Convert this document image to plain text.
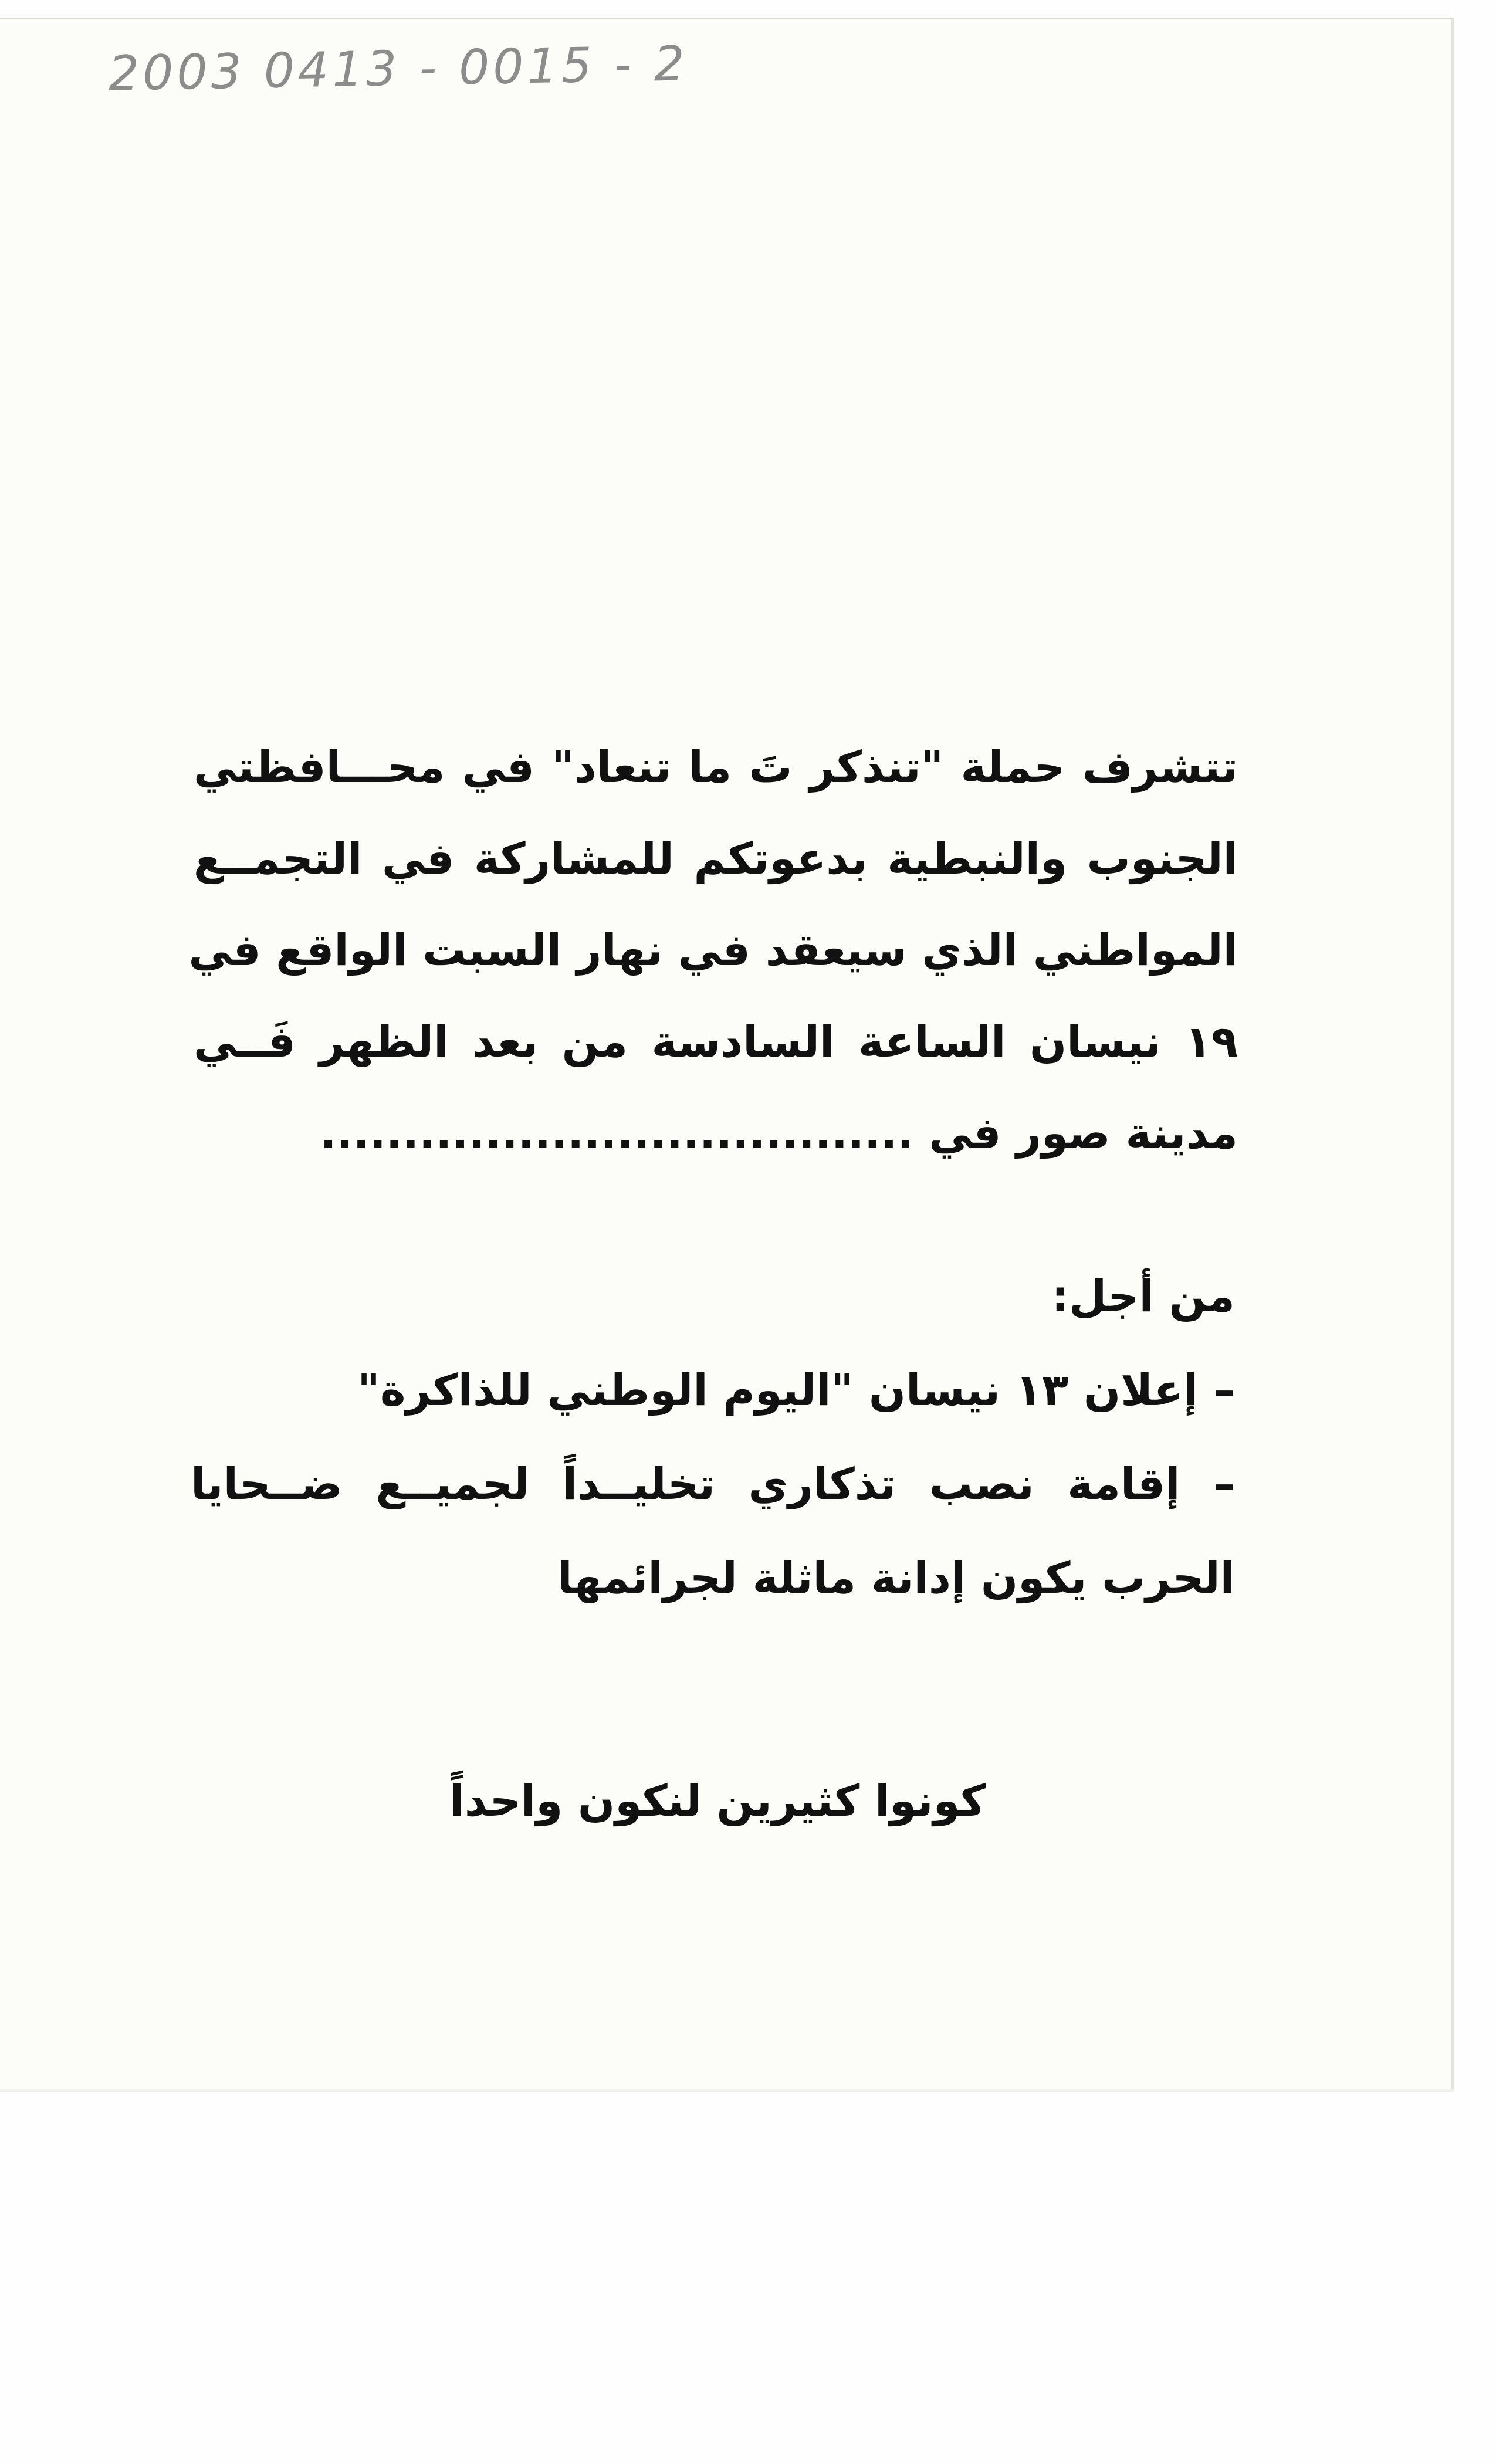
2003 0413 - 0015 - 2
تتشرف حملة "تنذكر تَ ما تنعاد" في محـــافظتي
الجنوب والنبطية بدعوتكم للمشاركة في التجمــع
المواطني الذي سيعقد في نهار السبت الواقع في
١٩ نيسان الساعة السادسة من بعد الظهر فَــي
مدينة صور في ....................................
من أجل:
– إعلان ١٣ نيسان "اليوم الوطني للذاكرة"
– إقامة نصب تذكاري تخليــداً لجميــع ضــحايا
الحرب يكون إدانة ماثلة لجرائمها
كونوا كثيرين لنكون واحداً
